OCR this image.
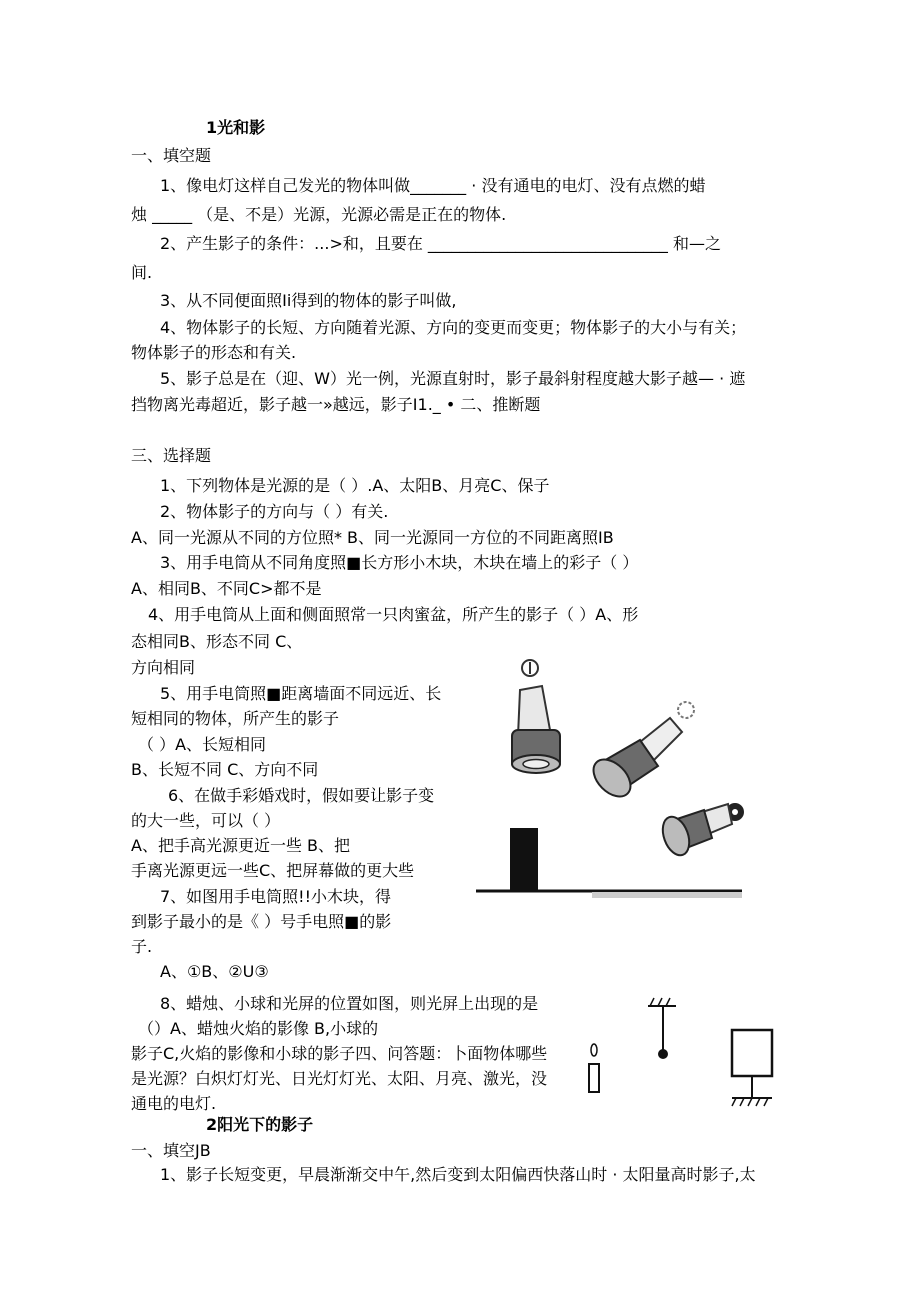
1光和影
一、填空题
1、像电灯这样自己发光的物体叫做_______ · 没有通电的电灯、没有点燃的蜡
烛 _____ （是、不是）光源，光源必需是正在的物体.
2、产生影子的条件：...>和，且要在 ______________________________ 和—之
间.
3、从不同便面照Ii得到的物体的影子叫做,
4、物体影子的长短、方向随着光源、方向的变更而变更；物体影子的大小与有关；
物体影子的形态和有关.
5、影子总是在（迎、W）光一例，光源直射时，影子最斜射程度越大影子越— · 遮
挡物离光毒超近，影子越一»越远，影子I1._ • 二、推断题
三、选择题
1、下列物体是光源的是（ ）.A、太阳B、月亮C、保子
2、物体影子的方向与（ ）有关.
A、同一光源从不同的方位照* B、同一光源同一方位的不同距离照IB
3、用手电筒从不同角度照■长方形小木块，木块在墙上的彩子（ ）
A、相同B、不同C>都不是
4、用手电筒从上面和侧面照常一只肉蜜盆，所产生的影子（ ）A、形
态相同B、形态不同 C、
方向相同
5、用手电筒照■距离墙面不同远近、长
短相同的物体，所产生的影子
（ ）A、长短相同
B、长短不同 C、方向不同
6、在做手彩婚戏时，假如要让影子变
的大一些，可以（ ）
A、把手高光源更近一些 B、把
手离光源更远一些C、把屏幕做的更大些
7、如图用手电筒照!!小木块，得
到影子最小的是《 ）号手电照■的影
子.
A、①B、②U③
8、蜡烛、小球和光屏的位置如图，则光屏上出现的是
（）A、蜡烛火焰的影像 B,小球的
影子C,火焰的影像和小球的影子四、问答题：卜面物体哪些
是光源？白炽灯灯光、日光灯灯光、太阳、月亮、激光，没
通电的电灯.
2阳光下的影子
一、填空JB
1、影子长短变更，早晨渐渐交中午,然后变到太阳偏西快落山时 · 太阳量高时影子,太
